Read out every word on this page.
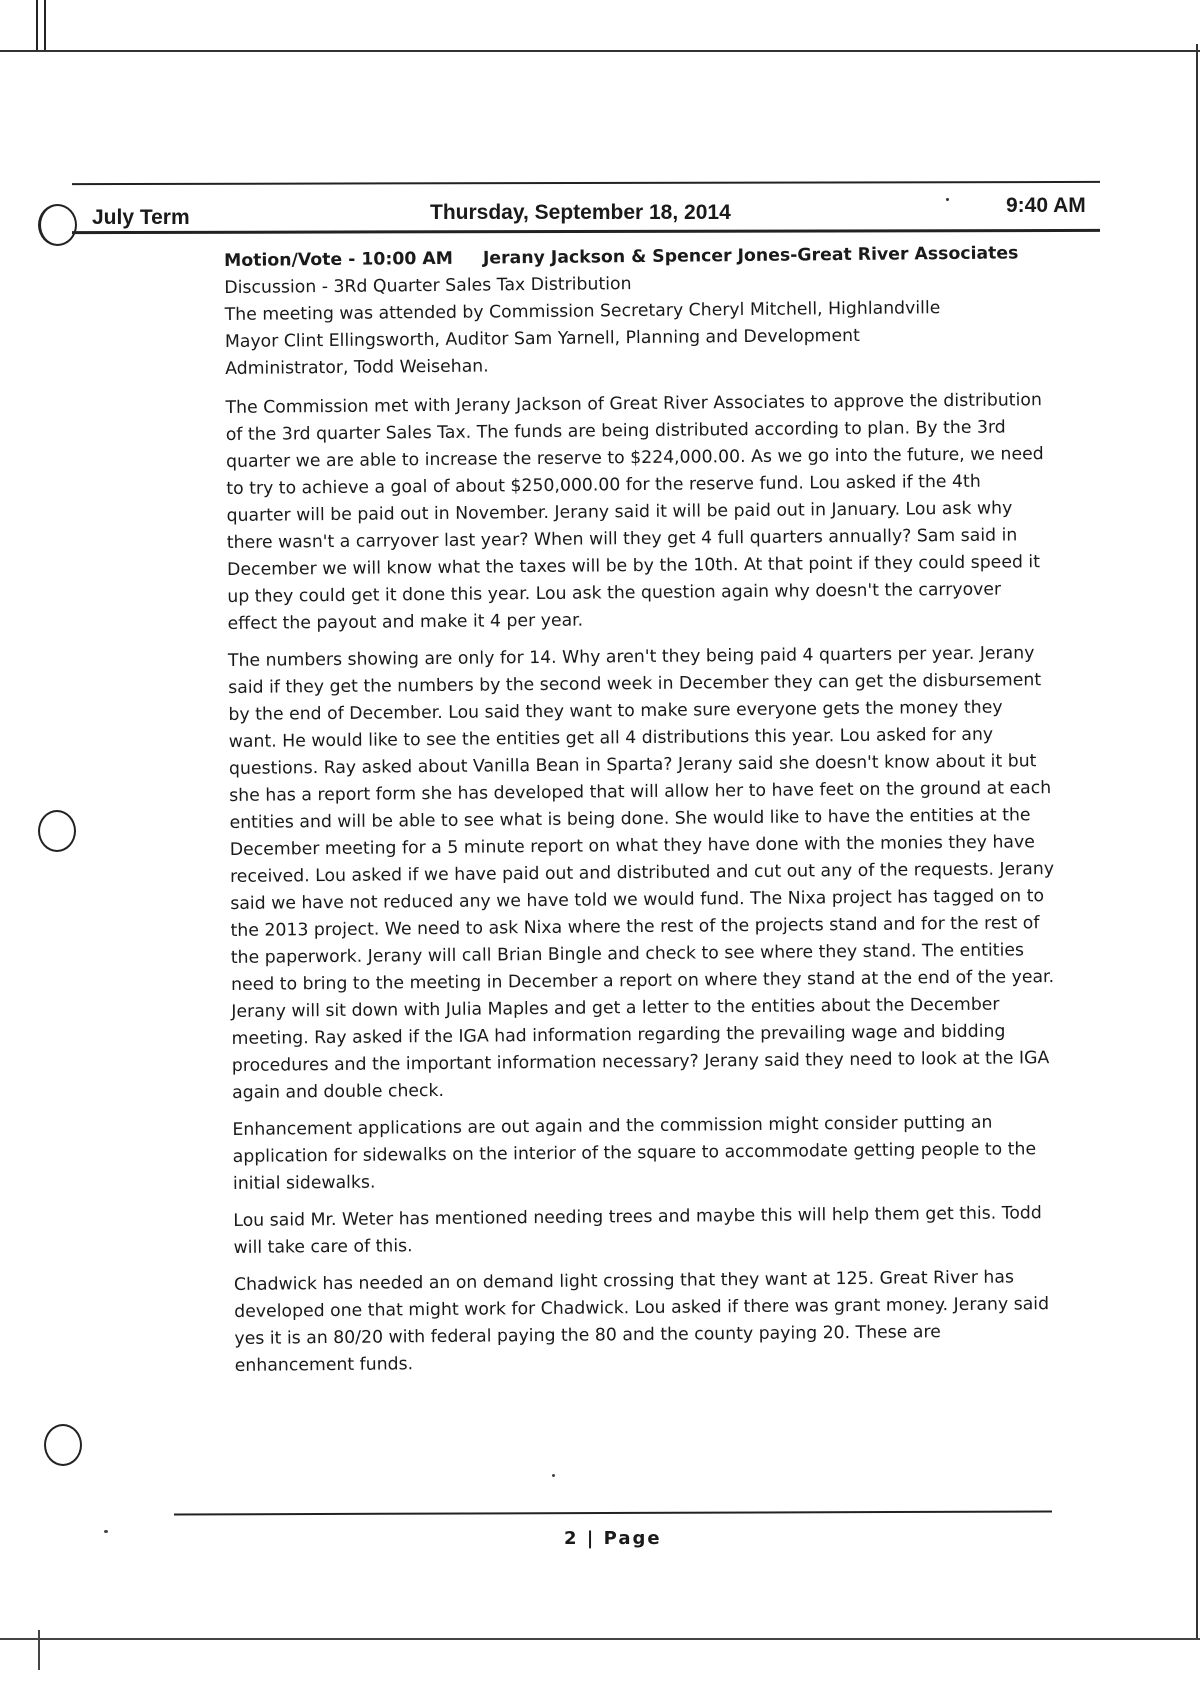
July Term	Thursday, September 18, 2014	9:40 AM
Motion/Vote - 10:00 AM Jerany Jackson & Spencer Jones-Great River Associates
Discussion - 3Rd Quarter Sales Tax Distribution
The meeting was attended by Commission Secretary Cheryl Mitchell, Highlandville
Mayor Clint Ellingsworth, Auditor Sam Yarnell, Planning and Development
Administrator, Todd Weisehan.

The Commission met with Jerany Jackson of Great River Associates to approve the distribution of the 3rd quarter Sales Tax. The funds are being distributed according to plan. By the 3rd quarter we are able to increase the reserve to $224,000.00. As we go into the future, we need to try to achieve a goal of about $250,000.00 for the reserve fund. Lou asked if the 4th quarter will be paid out in November. Jerany said it will be paid out in January. Lou ask why there wasn't a carryover last year? When will they get 4 full quarters annually? Sam said in December we will know what the taxes will be by the 10th. At that point if they could speed it up they could get it done this year. Lou ask the question again why doesn't the carryover effect the payout and make it 4 per year.

The numbers showing are only for 14. Why aren't they being paid 4 quarters per year. Jerany said if they get the numbers by the second week in December they can get the disbursement by the end of December. Lou said they want to make sure everyone gets the money they want. He would like to see the entities get all 4 distributions this year. Lou asked for any questions. Ray asked about Vanilla Bean in Sparta? Jerany said she doesn't know about it but she has a report form she has developed that will allow her to have feet on the ground at each entities and will be able to see what is being done. She would like to have the entities at the December meeting for a 5 minute report on what they have done with the monies they have received. Lou asked if we have paid out and distributed and cut out any of the requests. Jerany said we have not reduced any we have told we would fund. The Nixa project has tagged on to the 2013 project. We need to ask Nixa where the rest of the projects stand and for the rest of the paperwork. Jerany will call Brian Bingle and check to see where they stand. The entities need to bring to the meeting in December a report on where they stand at the end of the year. Jerany will sit down with Julia Maples and get a letter to the entities about the December meeting. Ray asked if the IGA had information regarding the prevailing wage and bidding procedures and the important information necessary? Jerany said they need to look at the IGA again and double check.

Enhancement applications are out again and the commission might consider putting an application for sidewalks on the interior of the square to accommodate getting people to the initial sidewalks.

Lou said Mr. Weter has mentioned needing trees and maybe this will help them get this. Todd will take care of this.

Chadwick has needed an on demand light crossing that they want at 125. Great River has developed one that might work for Chadwick. Lou asked if there was grant money. Jerany said yes it is an 80/20 with federal paying the 80 and the county paying 20. These are enhancement funds.

2 | Page
